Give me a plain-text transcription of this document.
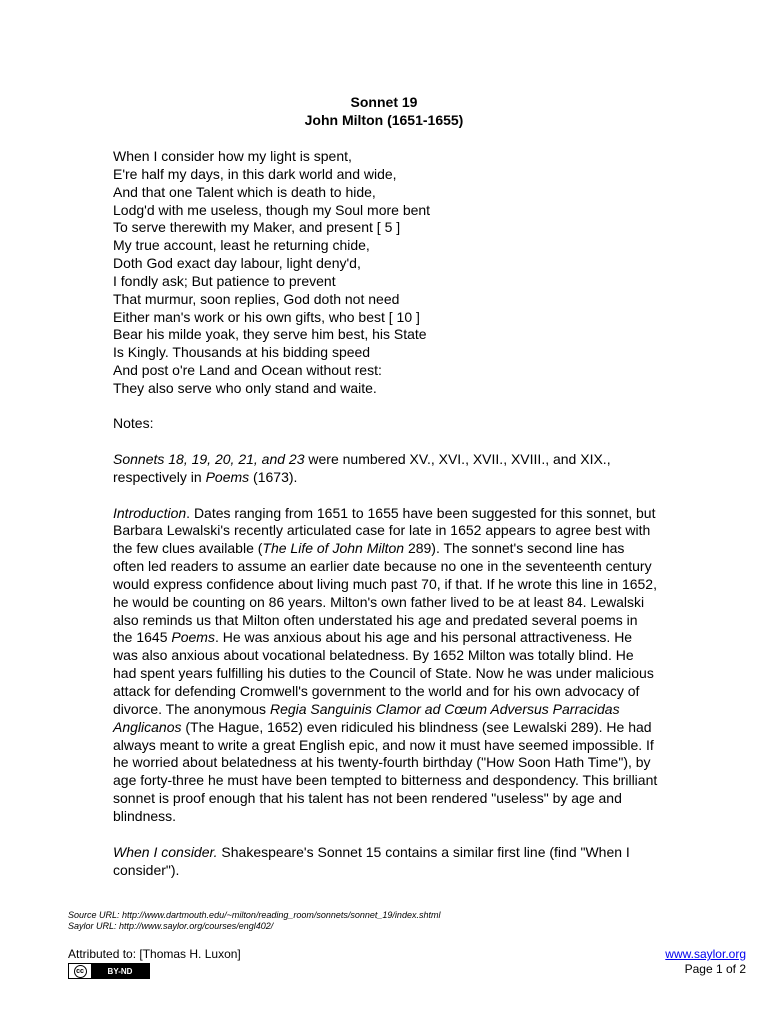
Sonnet 19
John Milton (1651-1655)
When I consider how my light is spent,
E're half my days, in this dark world and wide,
And that one Talent which is death to hide,
Lodg'd with me useless, though my Soul more bent
To serve therewith my Maker, and present [ 5 ]
My true account, least he returning chide,
Doth God exact day labour, light deny'd,
I fondly ask; But patience to prevent
That murmur, soon replies, God doth not need
Either man's work or his own gifts, who best [ 10 ]
Bear his milde yoak, they serve him best, his State
Is Kingly. Thousands at his bidding speed
And post o're Land and Ocean without rest:
They also serve who only stand and waite.

Notes:

Sonnets 18, 19, 20, 21, and 23 were numbered XV., XVI., XVII., XVIII., and XIX., respectively in Poems (1673).

Introduction. Dates ranging from 1651 to 1655 have been suggested for this sonnet, but Barbara Lewalski's recently articulated case for late in 1652 appears to agree best with the few clues available (The Life of John Milton 289). The sonnet's second line has often led readers to assume an earlier date because no one in the seventeenth century would express confidence about living much past 70, if that. If he wrote this line in 1652, he would be counting on 86 years. Milton's own father lived to be at least 84. Lewalski also reminds us that Milton often understated his age and predated several poems in the 1645 Poems. He was anxious about his age and his personal attractiveness. He was also anxious about vocational belatedness. By 1652 Milton was totally blind. He had spent years fulfilling his duties to the Council of State. Now he was under malicious attack for defending Cromwell's government to the world and for his own advocacy of divorce. The anonymous Regia Sanguinis Clamor ad Cœum Adversus Parracidas Anglicanos (The Hague, 1652) even ridiculed his blindness (see Lewalski 289). He had always meant to write a great English epic, and now it must have seemed impossible. If he worried about belatedness at his twenty-fourth birthday ("How Soon Hath Time"), by age forty-three he must have been tempted to bitterness and despondency. This brilliant sonnet is proof enough that his talent has not been rendered "useless" by age and blindness.

When I consider. Shakespeare's Sonnet 15 contains a similar first line (find "When I consider").

Source URL: http://www.dartmouth.edu/~milton/reading_room/sonnets/sonnet_19/index.shtml
Saylor URL: http://www.saylor.org/courses/engl402/
Attributed to: [Thomas H. Luxon]
cc	BY-ND
www.saylor.org
Page 1 of 2
